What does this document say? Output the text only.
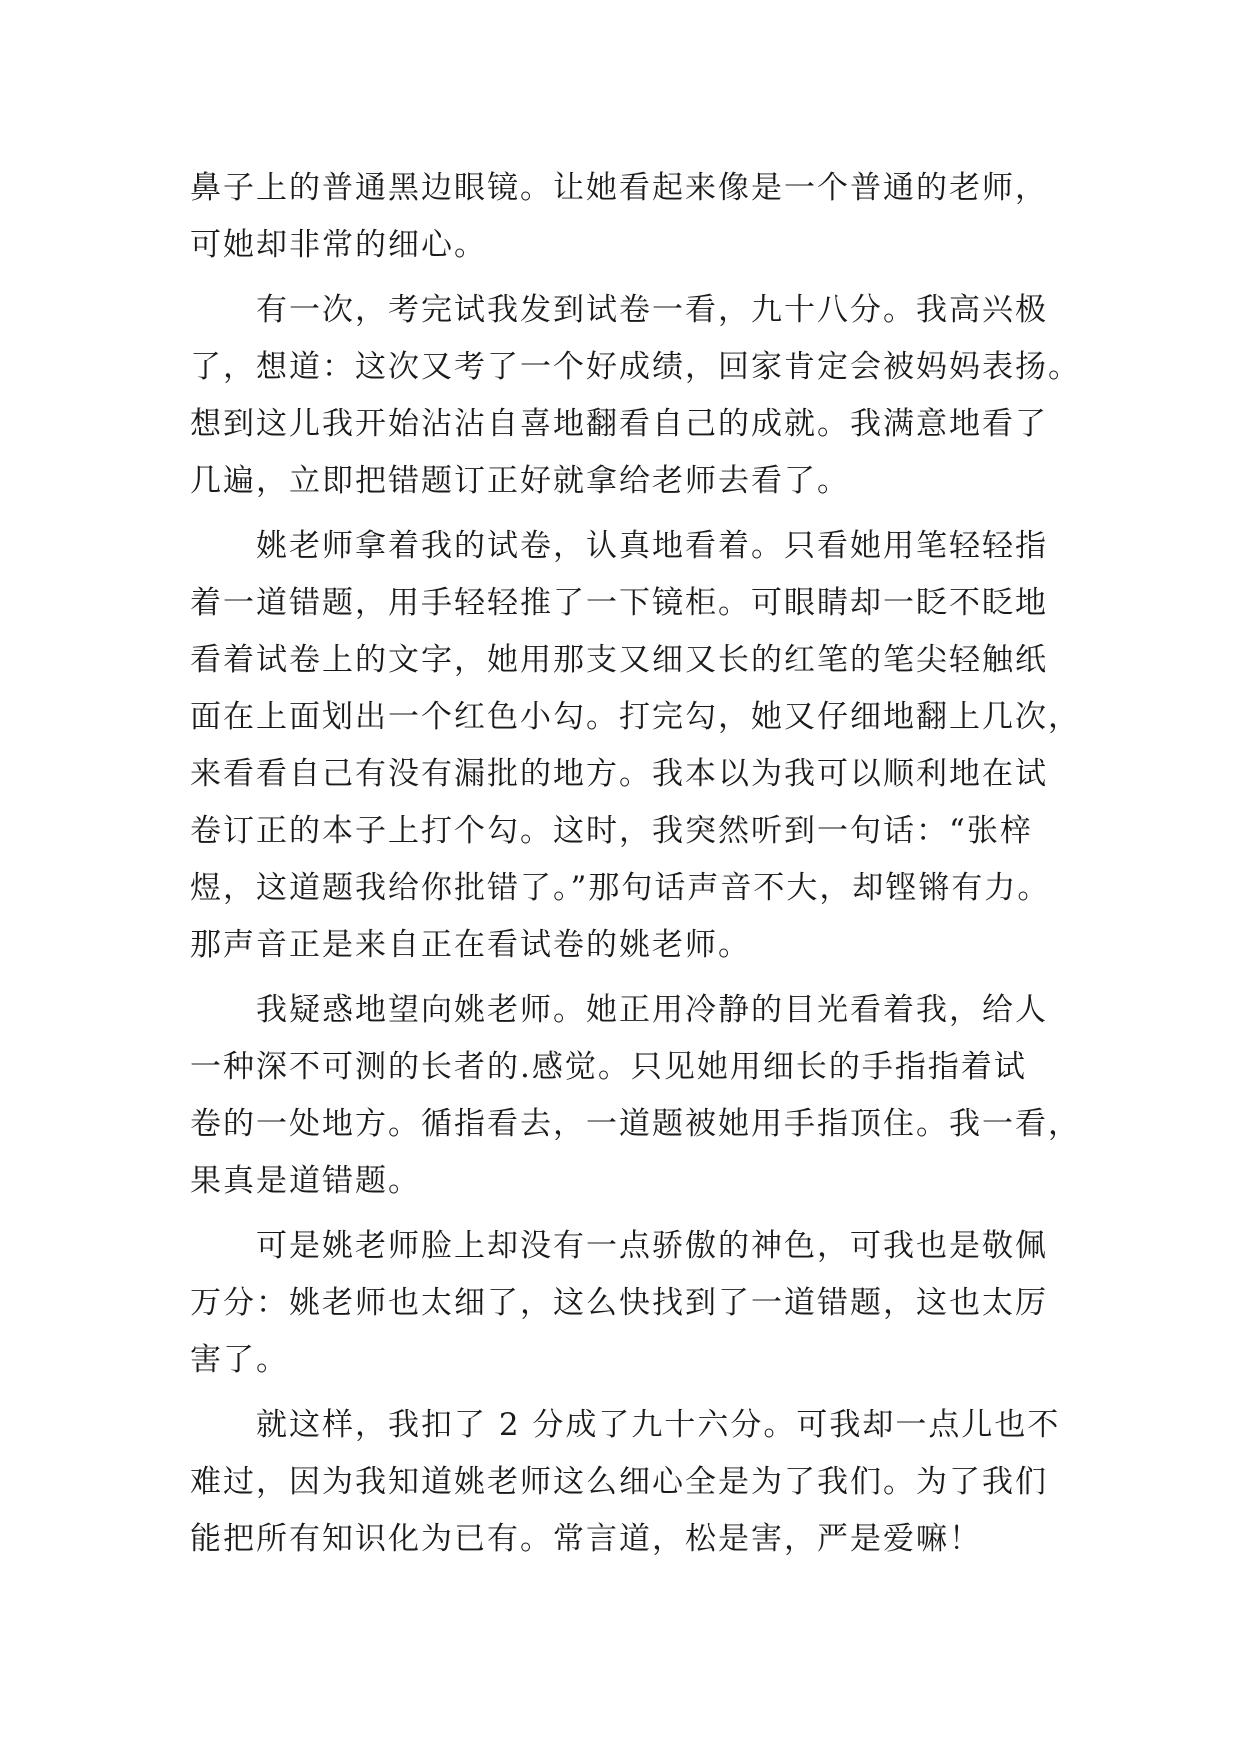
鼻子上的普通黑边眼镜。让她看起来像是一个普通的老师，
可她却非常的细心。
有一次，考完试我发到试卷一看，九十八分。我高兴极
了，想道：这次又考了一个好成绩，回家肯定会被妈妈表扬。
想到这儿我开始沾沾自喜地翻看自己的成就。我满意地看了
几遍，立即把错题订正好就拿给老师去看了。
姚老师拿着我的试卷，认真地看着。只看她用笔轻轻指
着一道错题，用手轻轻推了一下镜柜。可眼睛却一眨不眨地
看着试卷上的文字，她用那支又细又长的红笔的笔尖轻触纸
面在上面划出一个红色小勾。打完勾，她又仔细地翻上几次，
来看看自己有没有漏批的地方。我本以为我可以顺利地在试
卷订正的本子上打个勾。这时，我突然听到一句话：“张梓
煜，这道题我给你批错了。”那句话声音不大，却铿锵有力。
那声音正是来自正在看试卷的姚老师。
我疑惑地望向姚老师。她正用冷静的目光看着我，给人
一种深不可测的长者的.感觉。只见她用细长的手指指着试
卷的一处地方。循指看去，一道题被她用手指顶住。我一看，
果真是道错题。
可是姚老师脸上却没有一点骄傲的神色，可我也是敬佩
万分：姚老师也太细了，这么快找到了一道错题，这也太厉
害了。
就这样，我扣了 2 分成了九十六分。可我却一点儿也不
难过，因为我知道姚老师这么细心全是为了我们。为了我们
能把所有知识化为已有。常言道，松是害，严是爱嘛！
